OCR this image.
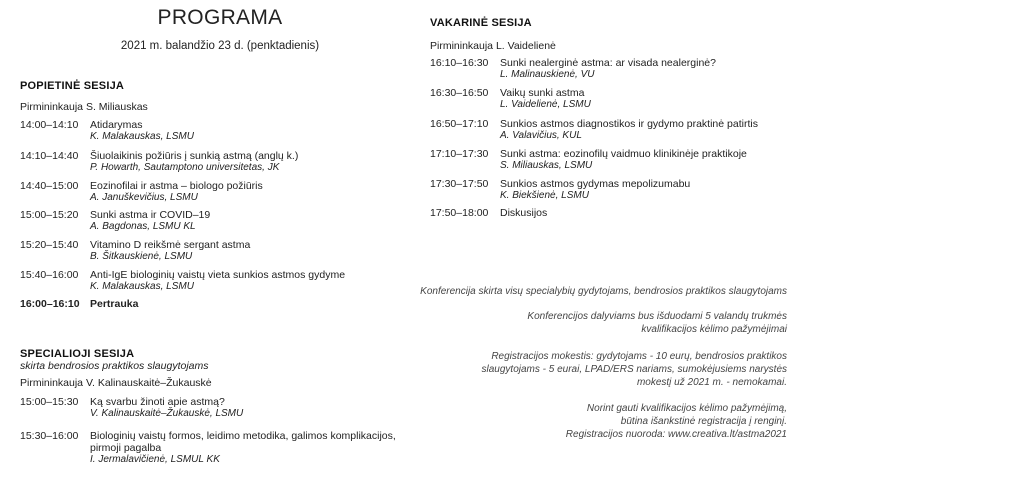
PROGRAMA
2021 m. balandžio 23 d. (penktadienis)
POPIETINĖ SESIJA
Pirmininkauja S. Miliauskas
14:00–14:10 Atidarymas
K. Malakauskas, LSMU
14:10–14:40 Šiuolaikinis požiūris į sunkią astmą (anglų k.)
P. Howarth, Sautamptono universitetas, JK
14:40–15:00 Eozinofilai ir astma – biologo požiūris
A. Januškevičius, LSMU
15:00–15:20 Sunki astma ir COVID–19
A. Bagdonas, LSMU KL
15:20–15:40 Vitamino D reikšmė sergant astma
B. Šitkauskienė, LSMU
15:40–16:00 Anti-IgE biologinių vaistų vieta sunkios astmos gydyme
K. Malakauskas, LSMU
16:00–16:10 Pertrauka
SPECIALIOJI SESIJA
skirta bendrosios praktikos slaugytojams
Pirmininkauja V. Kalinauskaitė–Žukauskė
15:00–15:30 Ką svarbu žinoti apie astmą?
V. Kalinauskaitė–Žukauskė, LSMU
15:30–16:00 Biologinių vaistų formos, leidimo metodika, galimos komplikacijos,
pirmoji pagalba
I. Jermalavičienė, LSMUL KK
VAKARINĖ SESIJA
Pirmininkauja L. Vaidelienė
16:10–16:30 Sunki nealerginė astma: ar visada nealerginė?
L. Malinauskienė, VU
16:30–16:50 Vaikų sunki astma
L. Vaidelienė, LSMU
16:50–17:10 Sunkios astmos diagnostikos ir gydymo praktinė patirtis
A. Valavičius, KUL
17:10–17:30 Sunki astma: eozinofilų vaidmuo klinikinėje praktikoje
S. Miliauskas, LSMU
17:30–17:50 Sunkios astmos gydymas mepolizumabu
K. Biekšienė, LSMU
17:50–18:00 Diskusijos
Konferencija skirta visų specialybių gydytojams, bendrosios praktikos slaugytojams
Konferencijos dalyviams bus išduodami 5 valandų trukmės
kvalifikacijos kėlimo pažymėjimai
Registracijos mokestis: gydytojams - 10 eurų, bendrosios praktikos
slaugytojams - 5 eurai, LPAD/ERS nariams, sumokėjusiems narystės
mokestį už 2021 m. - nemokamai.
Norint gauti kvalifikacijos kėlimo pažymėjimą,
būtina išankstinė registracija į renginį.
Registracijos nuoroda: www.creativa.lt/astma2021
